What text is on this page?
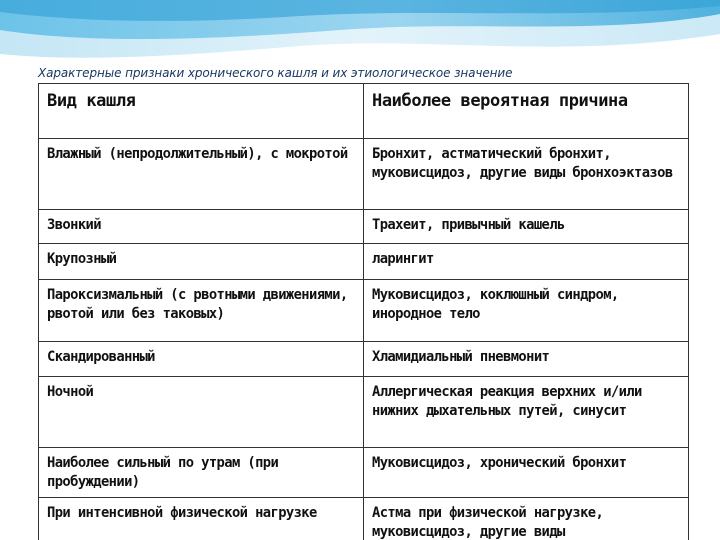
Характерные признаки хронического кашля и их этиологическое значение
Вид кашля	Наиболее вероятная причина
Влажный (непродолжительный), с мокротой	Бронхит, астматический бронхит, муковисцидоз, другие виды бронхоэктазов
Звонкий	Трахеит, привычный кашель
Крупозный	ларингит
Пароксизмальный (с рвотными движениями, рвотой или без таковых)	Муковисцидоз, коклюшный синдром, инородное тело
Скандированный	Хламидиальный пневмонит
Ночной	Аллергическая реакция верхних и/или нижних дыхательных путей, синусит
Наиболее сильный по утрам (при пробуждении)	Муковисцидоз, хронический бронхит
При интенсивной физической нагрузке	Астма при физической нагрузке, муковисцидоз, другие виды
